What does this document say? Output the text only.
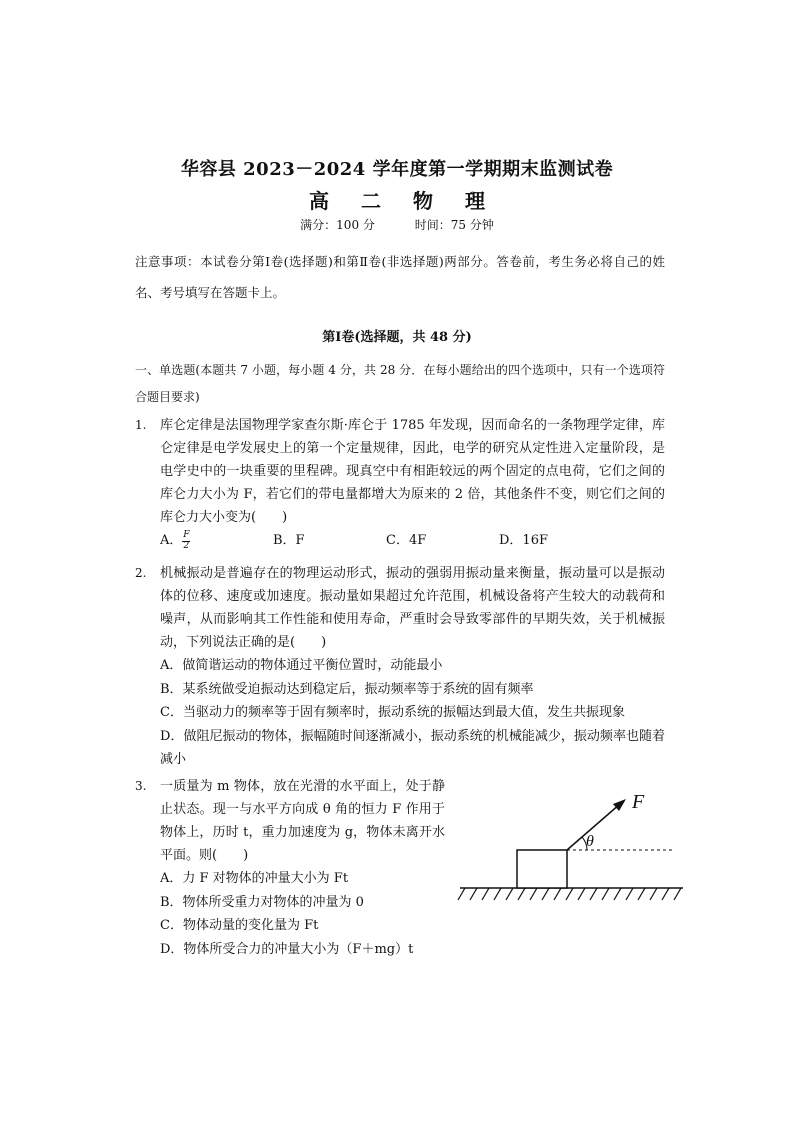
华容县 2023－2024 学年度第一学期期末监测试卷
高 二 物 理
满分：100 分	时间：75 分钟
注意事项：本试卷分第Ⅰ卷(选择题)和第Ⅱ卷(非选择题)两部分。答卷前，考生务必将自己的姓名、考号填写在答题卡上。
第Ⅰ卷(选择题，共 48 分)
一、单选题(本题共 7 小题，每小题 4 分，共 28 分．在每小题给出的四个选项中，只有一个选项符合题目要求)
1. 库仑定律是法国物理学家查尔斯·库仑于 1785 年发现，因而命名的一条物理学定律，库仑定律是电学发展史上的第一个定量规律，因此，电学的研究从定性进入定量阶段，是电学史中的一块重要的里程碑。现真空中有相距较远的两个固定的点电荷，它们之间的库仑力大小为 F，若它们的带电量都增大为原来的 2 倍，其他条件不变，则它们之间的库仑力大小变为(　　)

A．$\frac{F}{2}$	B．F	C．4F	D．16F
2. 机械振动是普遍存在的物理运动形式，振动的强弱用振动量来衡量，振动量可以是振动体的位移、速度或加速度。振动量如果超过允许范围，机械设备将产生较大的动载荷和噪声，从而影响其工作性能和使用寿命，严重时会导致零部件的早期失效，关于机械振动，下列说法正确的是(　　)

A．做简谐运动的物体通过平衡位置时，动能最小
B．某系统做受迫振动达到稳定后，振动频率等于系统的固有频率
C．当驱动力的频率等于固有频率时，振动系统的振幅达到最大值，发生共振现象
D．做阻尼振动的物体，振幅随时间逐渐减小，振动系统的机械能减少，振动频率也随着减小
3. 一质量为 m 物体，放在光滑的水平面上，处于静止状态。现一与水平方向成 θ 角的恒力 F 作用于物体上，历时 t，重力加速度为 g，物体未离开水平面。则(　　)

A．力 F 对物体的冲量大小为 Ft
B．物体所受重力对物体的冲量为 0
C．物体动量的变化量为 Ft
D．物体所受合力的冲量大小为（F＋mg）t
F
θ
